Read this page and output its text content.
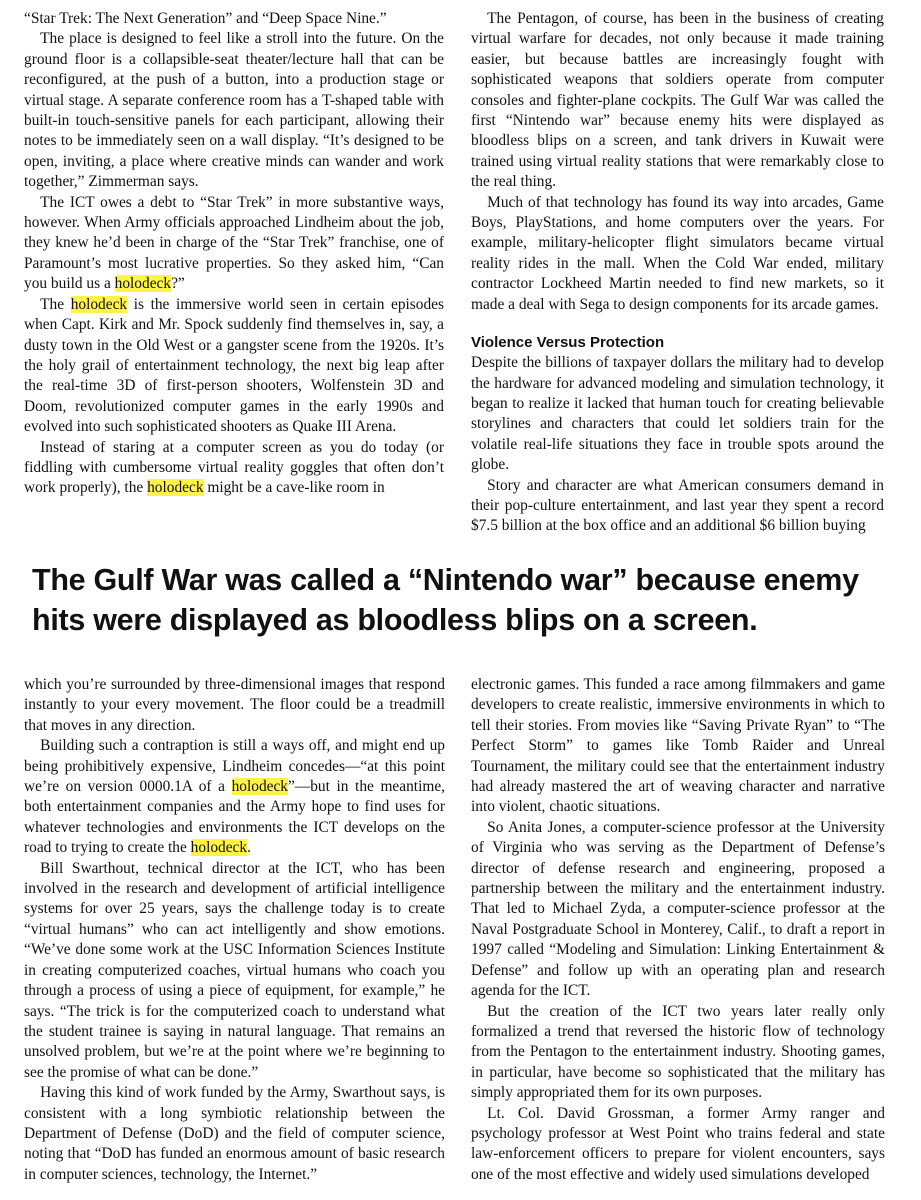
“Star Trek: The Next Generation” and “Deep Space Nine.”

The place is designed to feel like a stroll into the future. On the ground floor is a collapsible-seat theater/lecture hall that can be reconfigured, at the push of a button, into a production stage or virtual stage. A separate conference room has a T-shaped table with built-in touch-sensitive panels for each participant, allowing their notes to be immediately seen on a wall display. “It’s designed to be open, inviting, a place where creative minds can wander and work together,” Zimmerman says.

The ICT owes a debt to “Star Trek” in more substantive ways, however. When Army officials approached Lindheim about the job, they knew he’d been in charge of the “Star Trek” franchise, one of Paramount’s most lucrative properties. So they asked him, “Can you build us a holodeck?”

The holodeck is the immersive world seen in certain episodes when Capt. Kirk and Mr. Spock suddenly find themselves in, say, a dusty town in the Old West or a gangster scene from the 1920s. It’s the holy grail of entertainment technology, the next big leap after the real-time 3D of first-person shooters, Wolfenstein 3D and Doom, revolutionized computer games in the early 1990s and evolved into such sophisticated shooters as Quake III Arena.

Instead of staring at a computer screen as you do today (or fiddling with cumbersome virtual reality goggles that often don’t work properly), the holodeck might be a cave-like room in

The Pentagon, of course, has been in the business of creating virtual warfare for decades, not only because it made training easier, but because battles are increasingly fought with sophisticated weapons that soldiers operate from computer consoles and fighter-plane cockpits. The Gulf War was called the first “Nintendo war” because enemy hits were displayed as bloodless blips on a screen, and tank drivers in Kuwait were trained using virtual reality stations that were remarkably close to the real thing.

Much of that technology has found its way into arcades, Game Boys, PlayStations, and home computers over the years. For example, military-helicopter flight simulators became virtual reality rides in the mall. When the Cold War ended, military contractor Lockheed Martin needed to find new markets, so it made a deal with Sega to design components for its arcade games.

Violence Versus Protection

Despite the billions of taxpayer dollars the military had to develop the hardware for advanced modeling and simulation technology, it began to realize it lacked that human touch for creating believable storylines and characters that could let soldiers train for the volatile real-life situations they face in trouble spots around the globe.

Story and character are what American consumers demand in their pop-culture entertainment, and last year they spent a record $7.5 billion at the box office and an additional $6 billion buying

The Gulf War was called a “Nintendo war” because enemy
hits were displayed as bloodless blips on a screen.

which you’re surrounded by three-dimensional images that respond instantly to your every movement. The floor could be a treadmill that moves in any direction.

Building such a contraption is still a ways off, and might end up being prohibitively expensive, Lindheim concedes—“at this point we’re on version 0000.1A of a holodeck”—but in the meantime, both entertainment companies and the Army hope to find uses for whatever technologies and environments the ICT develops on the road to trying to create the holodeck.

Bill Swarthout, technical director at the ICT, who has been involved in the research and development of artificial intelligence systems for over 25 years, says the challenge today is to create “virtual humans” who can act intelligently and show emotions. “We’ve done some work at the USC Information Sciences Institute in creating computerized coaches, virtual humans who coach you through a process of using a piece of equipment, for example,” he says. “The trick is for the computerized coach to understand what the student trainee is saying in natural language. That remains an unsolved problem, but we’re at the point where we’re beginning to see the promise of what can be done.”

Having this kind of work funded by the Army, Swarthout says, is consistent with a long symbiotic relationship between the Department of Defense (DoD) and the field of computer science, noting that “DoD has funded an enormous amount of basic research in computer sciences, technology, the Internet.”

electronic games. This funded a race among filmmakers and game developers to create realistic, immersive environments in which to tell their stories. From movies like “Saving Private Ryan” to “The Perfect Storm” to games like Tomb Raider and Unreal Tournament, the military could see that the entertainment industry had already mastered the art of weaving character and narrative into violent, chaotic situations.

So Anita Jones, a computer-science professor at the University of Virginia who was serving as the Department of Defense’s director of defense research and engineering, proposed a partnership between the military and the entertainment industry. That led to Michael Zyda, a computer-science professor at the Naval Postgraduate School in Monterey, Calif., to draft a report in 1997 called “Modeling and Simulation: Linking Entertainment & Defense” and follow up with an operating plan and research agenda for the ICT.

But the creation of the ICT two years later really only formalized a trend that reversed the historic flow of technology from the Pentagon to the entertainment industry. Shooting games, in particular, have become so sophisticated that the military has simply appropriated them for its own purposes.

Lt. Col. David Grossman, a former Army ranger and psychology professor at West Point who trains federal and state law-enforcement officers to prepare for violent encounters, says one of the most effective and widely used simulations developed
